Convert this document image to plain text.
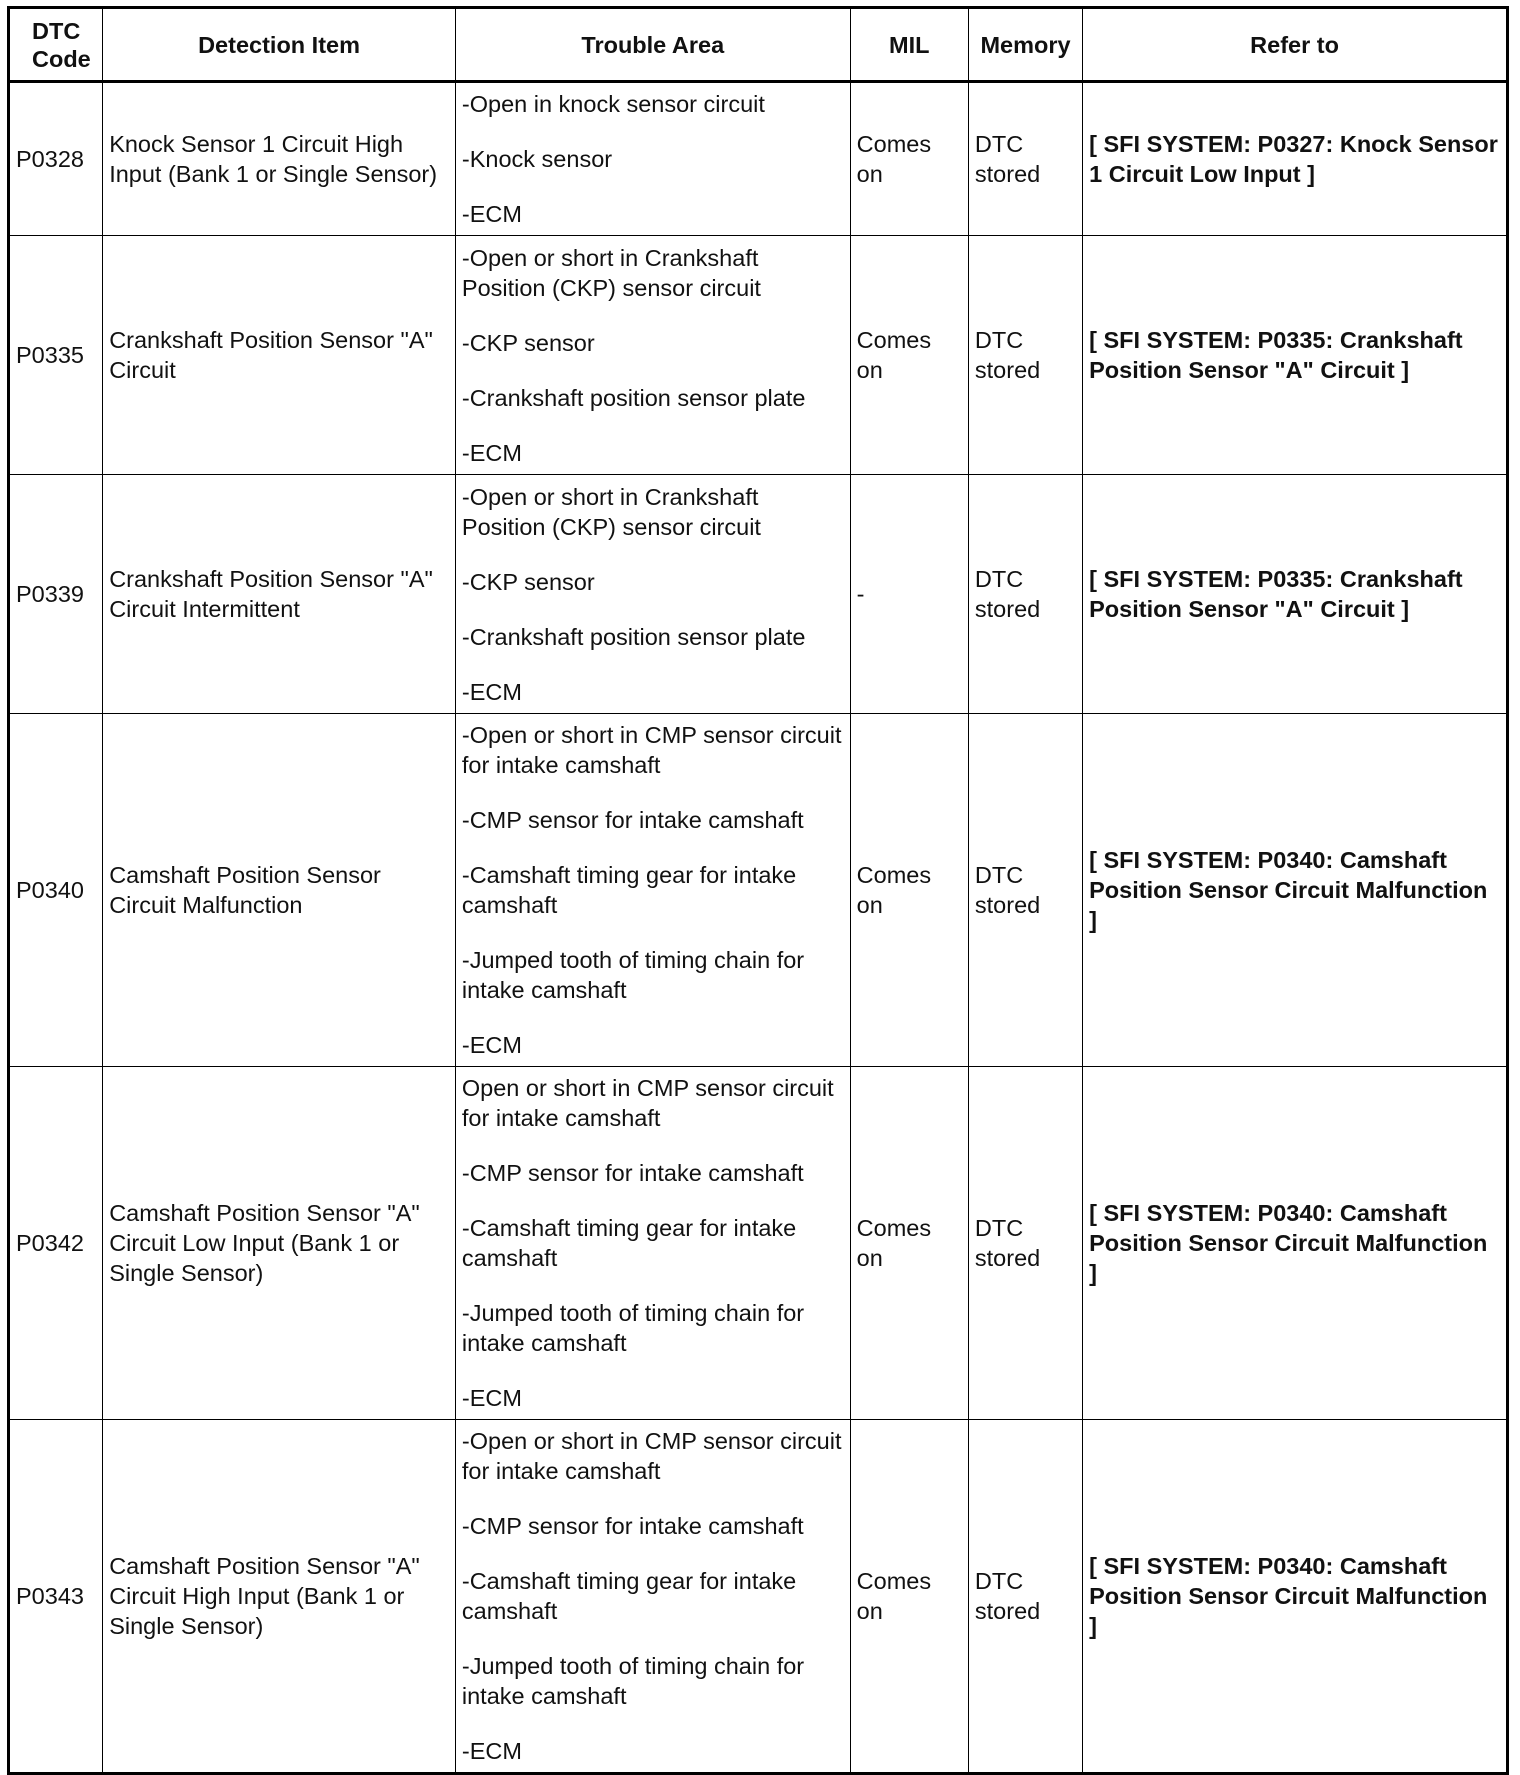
DTC Code	Detection Item	Trouble Area	MIL	Memory	Refer to
P0328	Knock Sensor 1 Circuit High Input (Bank 1 or Single Sensor)	-Open in knock sensor circuit

-Knock sensor

-ECM	Comes on	DTC stored	[ SFI SYSTEM: P0327: Knock Sensor 1 Circuit Low Input ]
P0335	Crankshaft Position Sensor "A" Circuit	-Open or short in Crankshaft Position (CKP) sensor circuit

-CKP sensor

-Crankshaft position sensor plate

-ECM	Comes on	DTC stored	[ SFI SYSTEM: P0335: Crankshaft Position Sensor "A" Circuit ]
P0339	Crankshaft Position Sensor "A" Circuit Intermittent	-Open or short in Crankshaft Position (CKP) sensor circuit

-CKP sensor

-Crankshaft position sensor plate

-ECM	-	DTC stored	[ SFI SYSTEM: P0335: Crankshaft Position Sensor "A" Circuit ]
P0340	Camshaft Position Sensor Circuit Malfunction	-Open or short in CMP sensor circuit for intake camshaft

-CMP sensor for intake camshaft

-Camshaft timing gear for intake camshaft

-Jumped tooth of timing chain for intake camshaft

-ECM	Comes on	DTC stored	[ SFI SYSTEM: P0340: Camshaft Position Sensor Circuit Malfunction ]
P0342	Camshaft Position Sensor "A" Circuit Low Input (Bank 1 or Single Sensor)	Open or short in CMP sensor circuit for intake camshaft

-CMP sensor for intake camshaft

-Camshaft timing gear for intake camshaft

-Jumped tooth of timing chain for intake camshaft

-ECM	Comes on	DTC stored	[ SFI SYSTEM: P0340: Camshaft Position Sensor Circuit Malfunction ]
P0343	Camshaft Position Sensor "A" Circuit High Input (Bank 1 or Single Sensor)	-Open or short in CMP sensor circuit for intake camshaft

-CMP sensor for intake camshaft

-Camshaft timing gear for intake camshaft

-Jumped tooth of timing chain for intake camshaft

-ECM	Comes on	DTC stored	[ SFI SYSTEM: P0340: Camshaft Position Sensor Circuit Malfunction ]
